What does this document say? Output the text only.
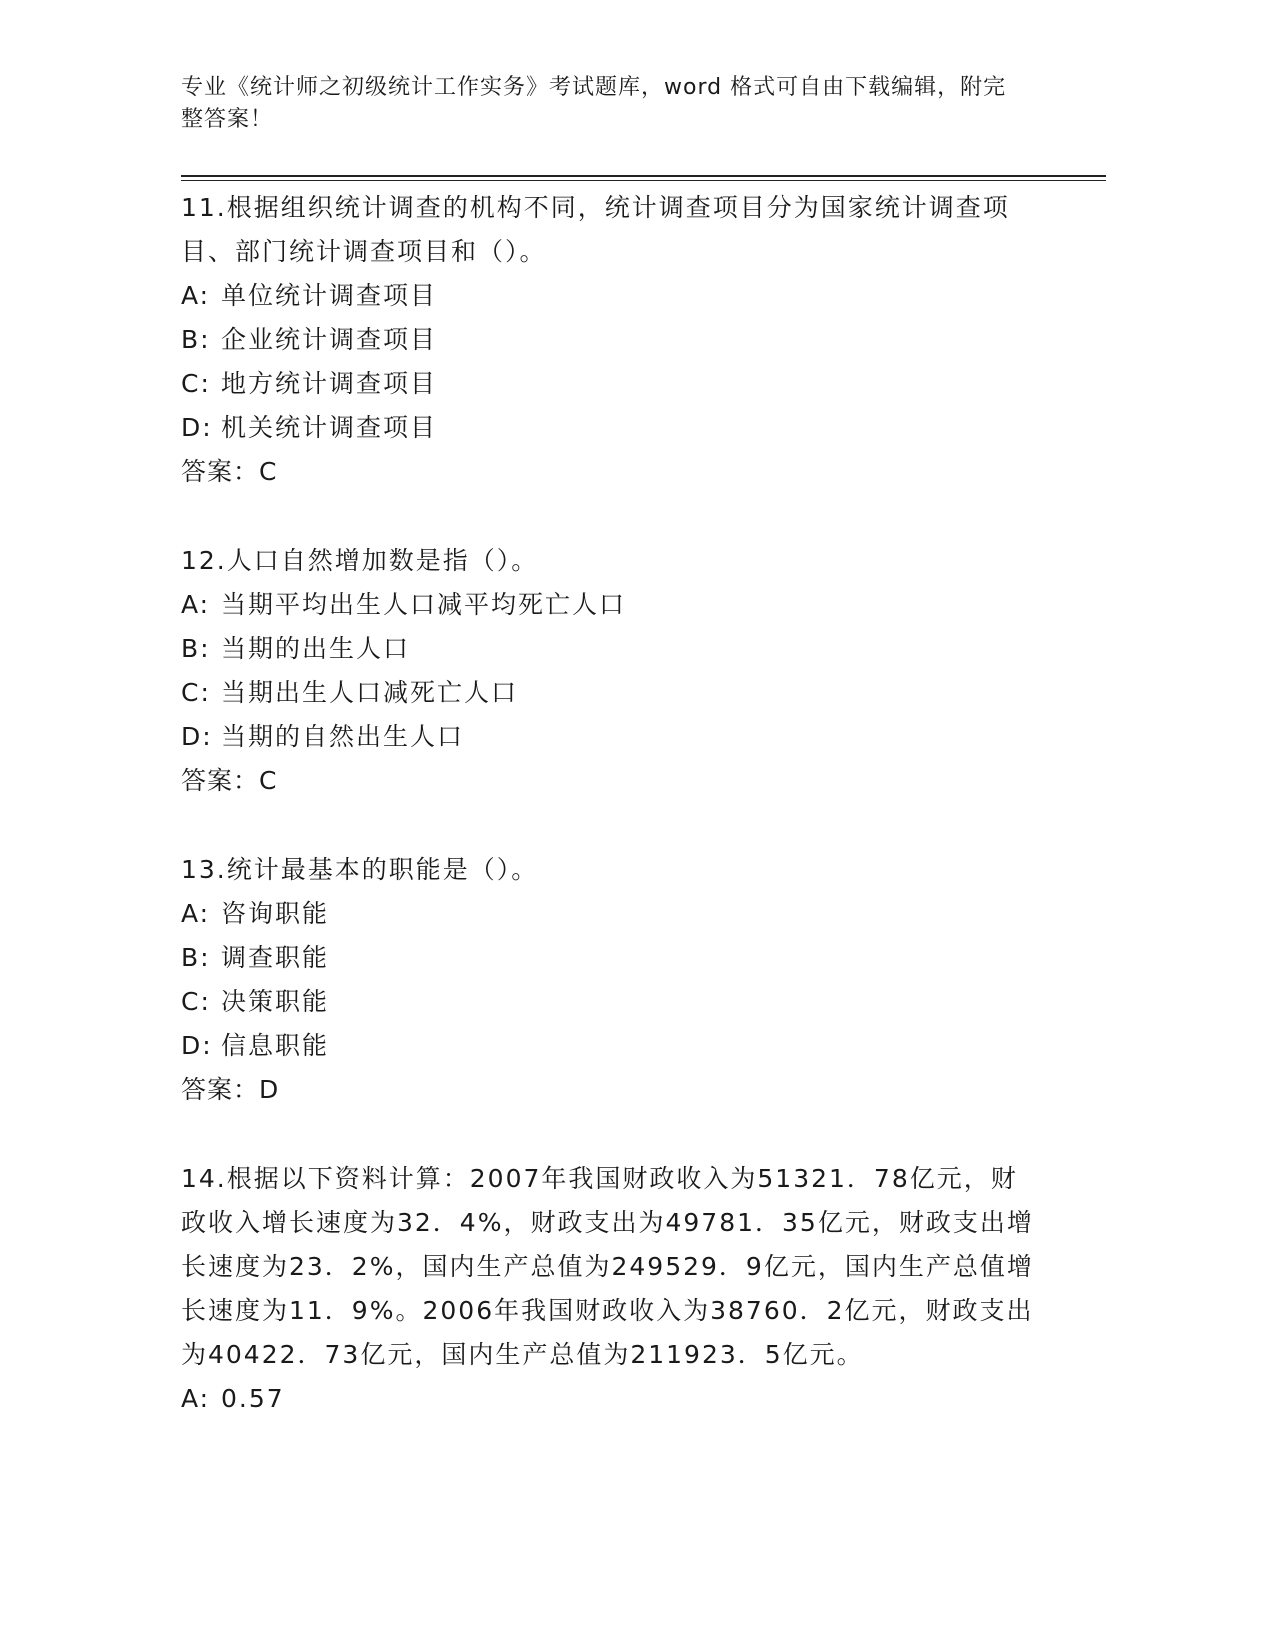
专业《统计师之初级统计工作实务》考试题库，word 格式可自由下载编辑，附完
整答案！
11.根据组织统计调查的机构不同，统计调查项目分为国家统计调查项目、部门统计调查项目和（）。
A: 单位统计调查项目
B: 企业统计调查项目
C: 地方统计调查项目
D: 机关统计调查项目
答案：C
12.人口自然增加数是指（）。
A: 当期平均出生人口减平均死亡人口
B: 当期的出生人口
C: 当期出生人口减死亡人口
D: 当期的自然出生人口
答案：C
13.统计最基本的职能是（）。
A: 咨询职能
B: 调查职能
C: 决策职能
D: 信息职能
答案：D
14.根据以下资料计算：2007年我国财政收入为51321．78亿元，财政收入增长速度为32．4%，财政支出为49781．35亿元，财政支出增长速度为23．2%，国内生产总值为249529．9亿元，国内生产总值增长速度为11．9%。2006年我国财政收入为38760．2亿元，财政支出为40422．73亿元，国内生产总值为211923．5亿元。
A: 0.57
